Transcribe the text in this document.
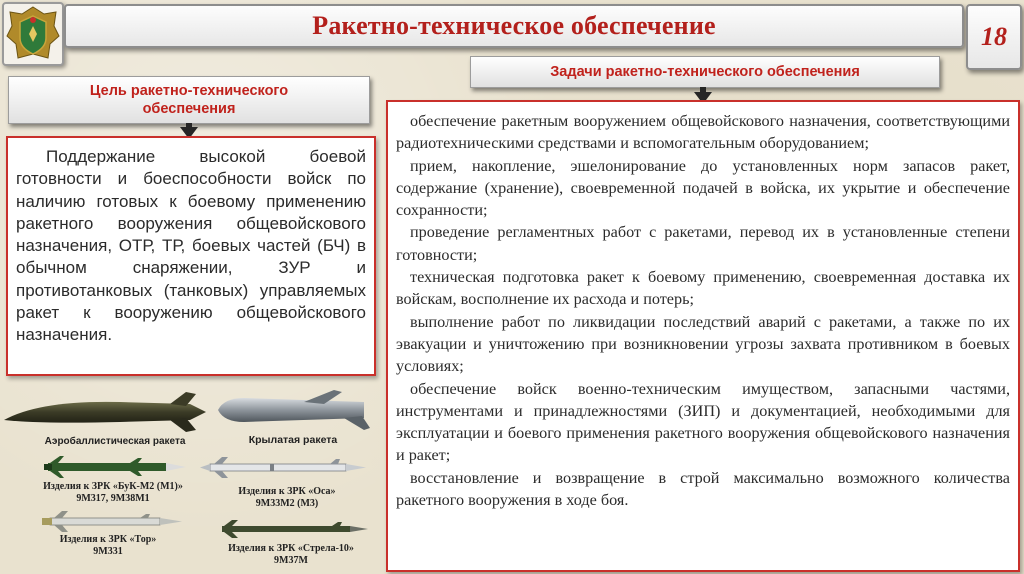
Ракетно-техническое обеспечение	18
Задачи ракетно-технического обеспечения
Цель ракетно-технического обеспечения

Поддержание высокой боевой готовности и боеспособности войск по наличию готовых к боевому применению ракетного вооружения общевойскового назначения, ОТР, ТР, боевых частей (БЧ) в обычном снаряжении, ЗУР и противотанковых (танковых) управляемых ракет к вооружению общевойскового назначения.

обеспечение ракетным вооружением общевойскового назначения, соответствующими радиотехническими средствами и вспомогательным оборудованием;

прием, накопление, эшелонирование до установленных норм запасов ракет, содержание (хранение), своевременной подачей в войска, их укрытие и обеспечение сохранности;

проведение регламентных работ с ракетами, перевод их в установленные степени готовности;

техническая подготовка ракет к боевому применению, своевременная доставка их войскам, восполнение их расхода и потерь;

выполнение работ по ликвидации последствий аварий с ракетами, а также по их эвакуации и уничтожению при возникновении угрозы захвата противником в боевых условиях;

обеспечение войск военно-техническим имуществом, запасными частями, инструментами и принадлежностями (ЗИП) и документацией, необходимыми для эксплуатации и боевого применения ракетного вооружения общевойскового назначения и ракет;

восстановление и возвращение в строй максимально возможного количества ракетного вооружения в ходе боя.

Аэробаллистическая ракета	Крылатая ракета
Изделия к ЗРК «БуК-М2 (М1)»
9М317, 9М38М1
Изделия к ЗРК «Оса»
9М33М2 (М3)
Изделия к ЗРК «Тор»
9М331	Изделия к ЗРК «Стрела-10»
9М37М
